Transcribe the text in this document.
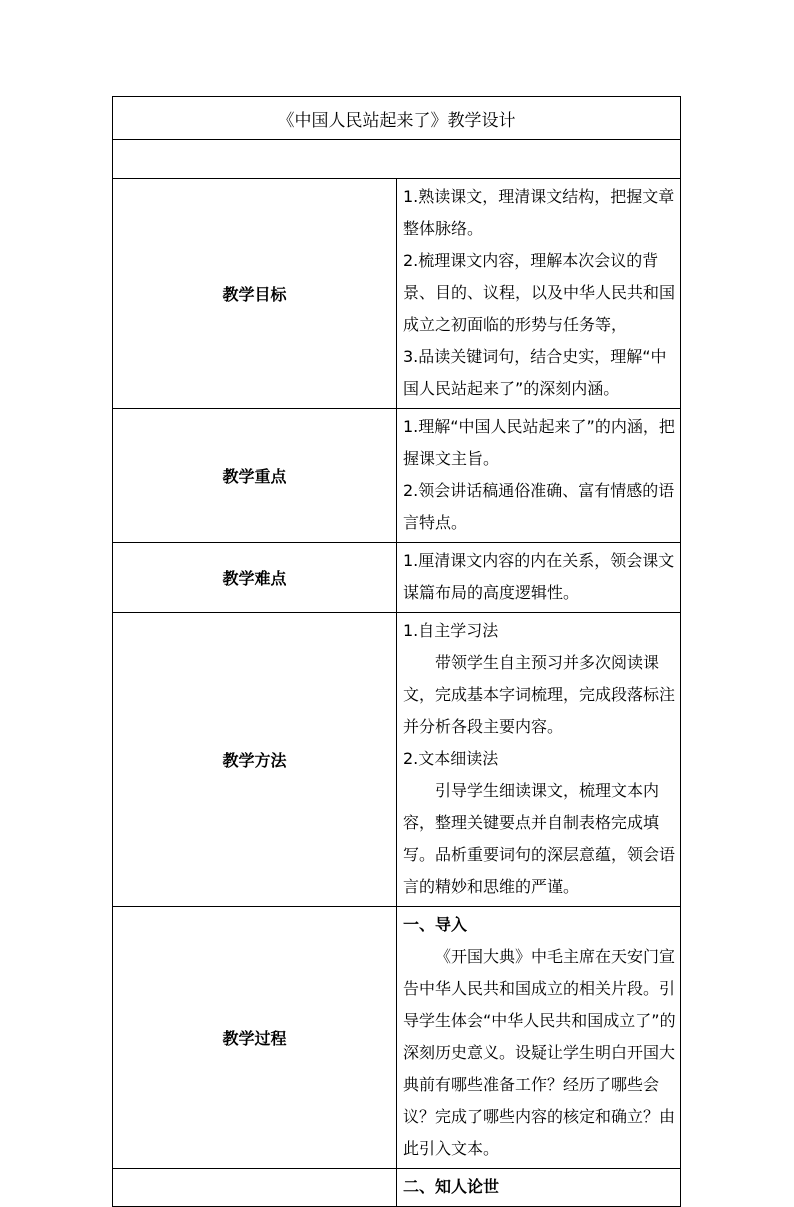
《中国人民站起来了》教学设计	

教学目标	1.熟读课文，理清课文结构，把握文章整体脉络。
2.梳理课文内容，理解本次会议的背景、目的、议程，以及中华人民共和国成立之初面临的形势与任务等，
3.品读关键词句，结合史实，理解“中国人民站起来了”的深刻内涵。

教学重点	1.理解“中国人民站起来了”的内涵，把握课文主旨。
2.领会讲话稿通俗准确、富有情感的语言特点。

教学难点	1.厘清课文内容的内在关系，领会课文谋篇布局的高度逻辑性。

教学方法	1.自主学习法
带领学生自主预习并多次阅读课文，完成基本字词梳理，完成段落标注并分析各段主要内容。
2.文本细读法
引导学生细读课文，梳理文本内容，整理关键要点并自制表格完成填写。品析重要词句的深层意蕴，领会语言的精妙和思维的严谨。

教学过程	一、导入
《开国大典》中毛主席在天安门宣告中华人民共和国成立的相关片段。引导学生体会“中华人民共和国成立了”的深刻历史意义。设疑让学生明白开国大典前有哪些准备工作？经历了哪些会议？完成了哪些内容的核定和确立？由此引入文本。

	二、知人论世
